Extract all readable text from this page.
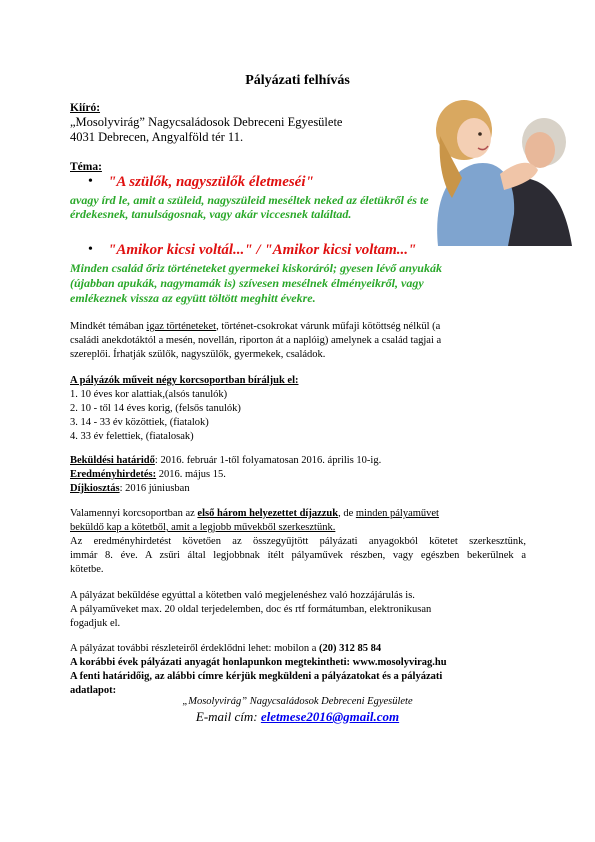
Pályázati felhívás
Kiíró:
„Mosolyvirág” Nagycsaládosok Debreceni Egyesülete
4031 Debrecen, Angyalföld tér 11.
Téma:
• "A szülők, nagyszülők életmeséi"
avagy írd le, amit a szüleid, nagyszüleid meséltek neked az életükről és te
érdekesnek, tanulságosnak, vagy akár viccesnek találtad.
• "Amikor kicsi voltál..." / "Amikor kicsi voltam..."
Minden család őriz történeteket gyermekei kiskoráról; gyesen lévő anyukák
(újabban apukák, nagymamák is) szívesen mesélnek élményeikről, vagy
emlékeznek vissza az együtt töltött meghitt évekre.
Mindkét témában igaz történeteket, történet-csokrokat várunk műfaji kötöttség nélkül (a
családi anekdotáktól a mesén, novellán, riporton át a naplóig) amelynek a család tagjai a
szereplői. Írhatják szülők, nagyszülők, gyermekek, családok.
A pályázók műveit négy korcsoportban bíráljuk el:
1. 10 éves kor alattiak,(alsós tanulók)
2. 10 - től 14 éves korig, (felsős tanulók)
3. 14 - 33 év közöttiek, (fiatalok)
4. 33 év felettiek, (fiatalosak)
Beküldési határidő: 2016. február 1-től folyamatosan 2016. április 10-ig.
Eredményhirdetés: 2016. május 15.
Díjkiosztás: 2016 júniusban
Valamennyi korcsoportban az első három helyezettet díjazzuk, de minden pályaművet
beküldő kap a kötetből, amit a legjobb művekből szerkesztünk.
Az eredményhirdetést követően az összegyűjtött pályázati anyagokból kötetet szerkesztünk,
immár 8. éve. A zsűri által legjobbnak ítélt pályaművek részben, vagy egészben bekerülnek a
kötetbe.
A pályázat beküldése egyúttal a kötetben való megjelenéshez való hozzájárulás is.
A pályaműveket max. 20 oldal terjedelemben, doc és rtf formátumban, elektronikusan
fogadjuk el.
A pályázat további részleteiről érdeklődni lehet: mobilon a (20) 312 85 84
A korábbi évek pályázati anyagát honlapunkon megtekintheti: www.mosolyvirag.hu
A fenti határidőig, az alábbi címre kérjük megküldeni a pályázatokat és a pályázati
adatlapot:
„Mosolyvirág” Nagycsaládosok Debreceni Egyesülete
E-mail cím: eletmese2016@gmail.com
